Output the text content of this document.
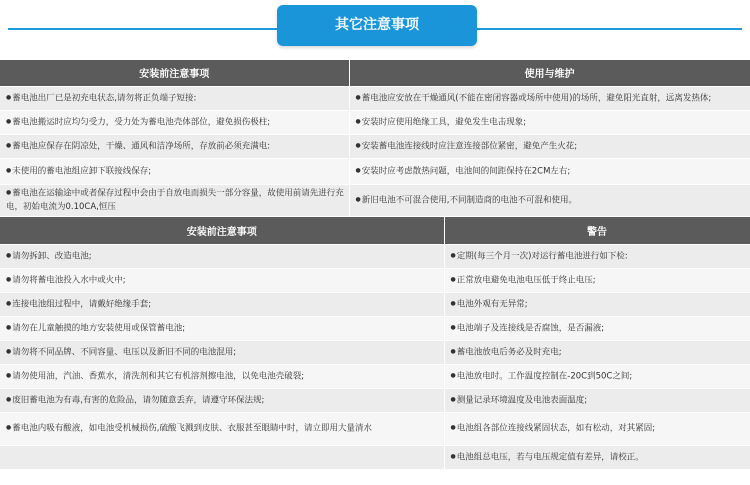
其它注意事项
安装前注意事项	使用与维护
● 蓄电池出厂已是初充电状态,请勿将正负端子短接:	●蓄电池应安放在干燥通风(不能在密闭容器或场所中使用)的场所，避免阳光直射，远离发热体;
● 蓄电池搬运时应均匀受力，受力处为蓄电池壳体部位，避免损伤极柱;	●安装时应使用绝缘工具，避免发生电击现象;
● 蓄电池应保存在阴凉处，干燥、通风和洁净场所，存放前必须充满电:	●安装蓄电池连接线时应注意连接部位紧密，避免产生火花;
● 未使用的蓄电池组应卸下联接线保存;	●安装时应考虑散热问题，电池间的间距保持在2CM左右;
● 蓄电池在运输途中或者保存过程中会由于自放电而损失一部分容量，故使用前请先进行充电，初始电流为0.10CA,恒压	● 新旧电池不可混合使用,不同制造商的电池不可混和使用。
安装前注意事项	警告
● 请勿拆卸、改造电池;	●定期(每三个月一次)对运行蓄电池进行如下检:
● 请勿将蓄电池投入水中或火中;	●正常放电避免电池电压低于终止电压;
● 连接电池组过程中，请戴好绝缘手套;	●电池外观有无异常;
● 请勿在儿童触摸的地方安装使用或保管蓄电池;	●电池端子及连接线是否腐蚀，是否漏液;
● 请勿将不同品牌、不同容量、电压以及新旧不同的电池混用;	●蓄电池放电后务必及时充电;
● 请勿使用油，汽油、香蕉水，清洗剂和其它有机溶剂擦电池，以免电池壳破裂;	●电池放电时。工作温度控制在-20C到50C之间;
● 废旧蓄电池为有毒,有害的危险品，请勿随意丢弃，请遵守环保法规;	●测量记录环境温度及电池表面温度;
● 蓄电池内吸有酸液，如电池受机械损伤,硫酸飞溅到皮肤、衣服甚至眼睛中时，请立即用大量清水	●电池组各部位连接线紧固状态，如有松动，对其紧固;
	● 电池组总电压，若与电压规定值有差异，请校正。
